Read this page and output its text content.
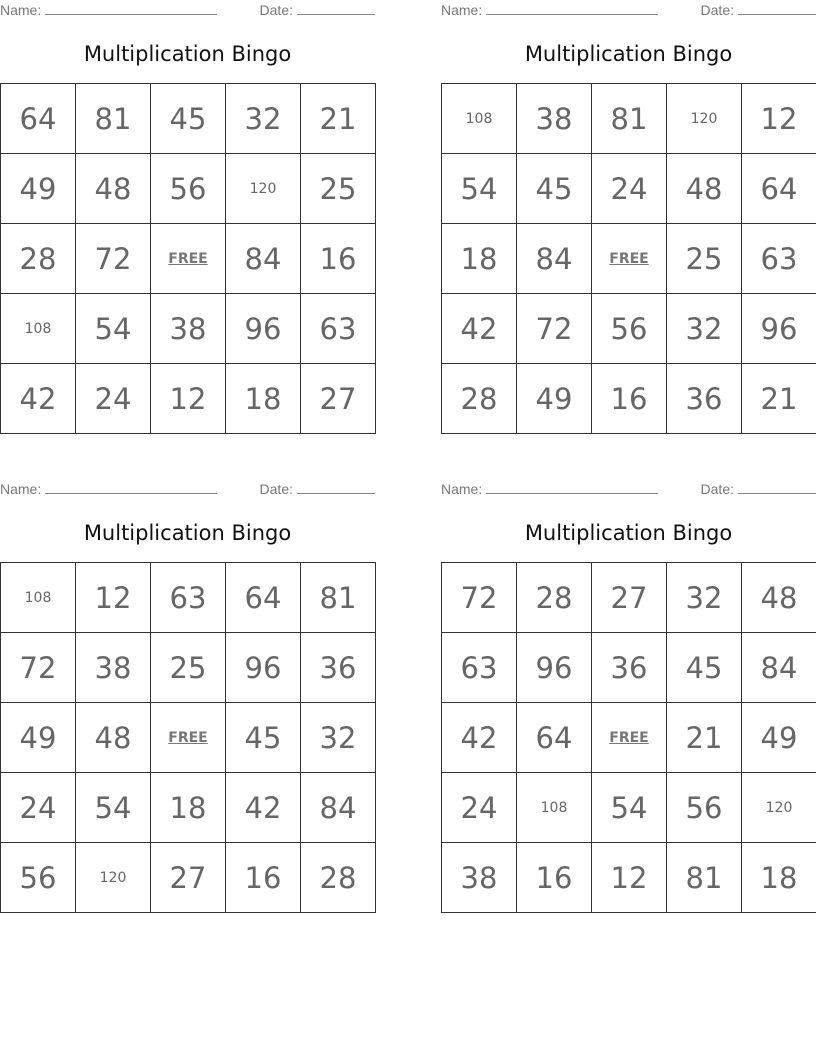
Name:	Date:
Multiplication Bingo
64	81	45	32	21
49	48	56	120	25
28	72	FREE	84	16
108	54	38	96	63
42	24	12	18	27
Name:	Date:
Multiplication Bingo
108	38	81	120	12
54	45	24	48	64
18	84	FREE	25	63
42	72	56	32	96
28	49	16	36	21
Name:	Date:
Multiplication Bingo
108	12	63	64	81
72	38	25	96	36
49	48	FREE	45	32
24	54	18	42	84
56	120	27	16	28
Name:	Date:
Multiplication Bingo
72	28	27	32	48
63	96	36	45	84
42	64	FREE	21	49
24	108	54	56	120
38	16	12	81	18
